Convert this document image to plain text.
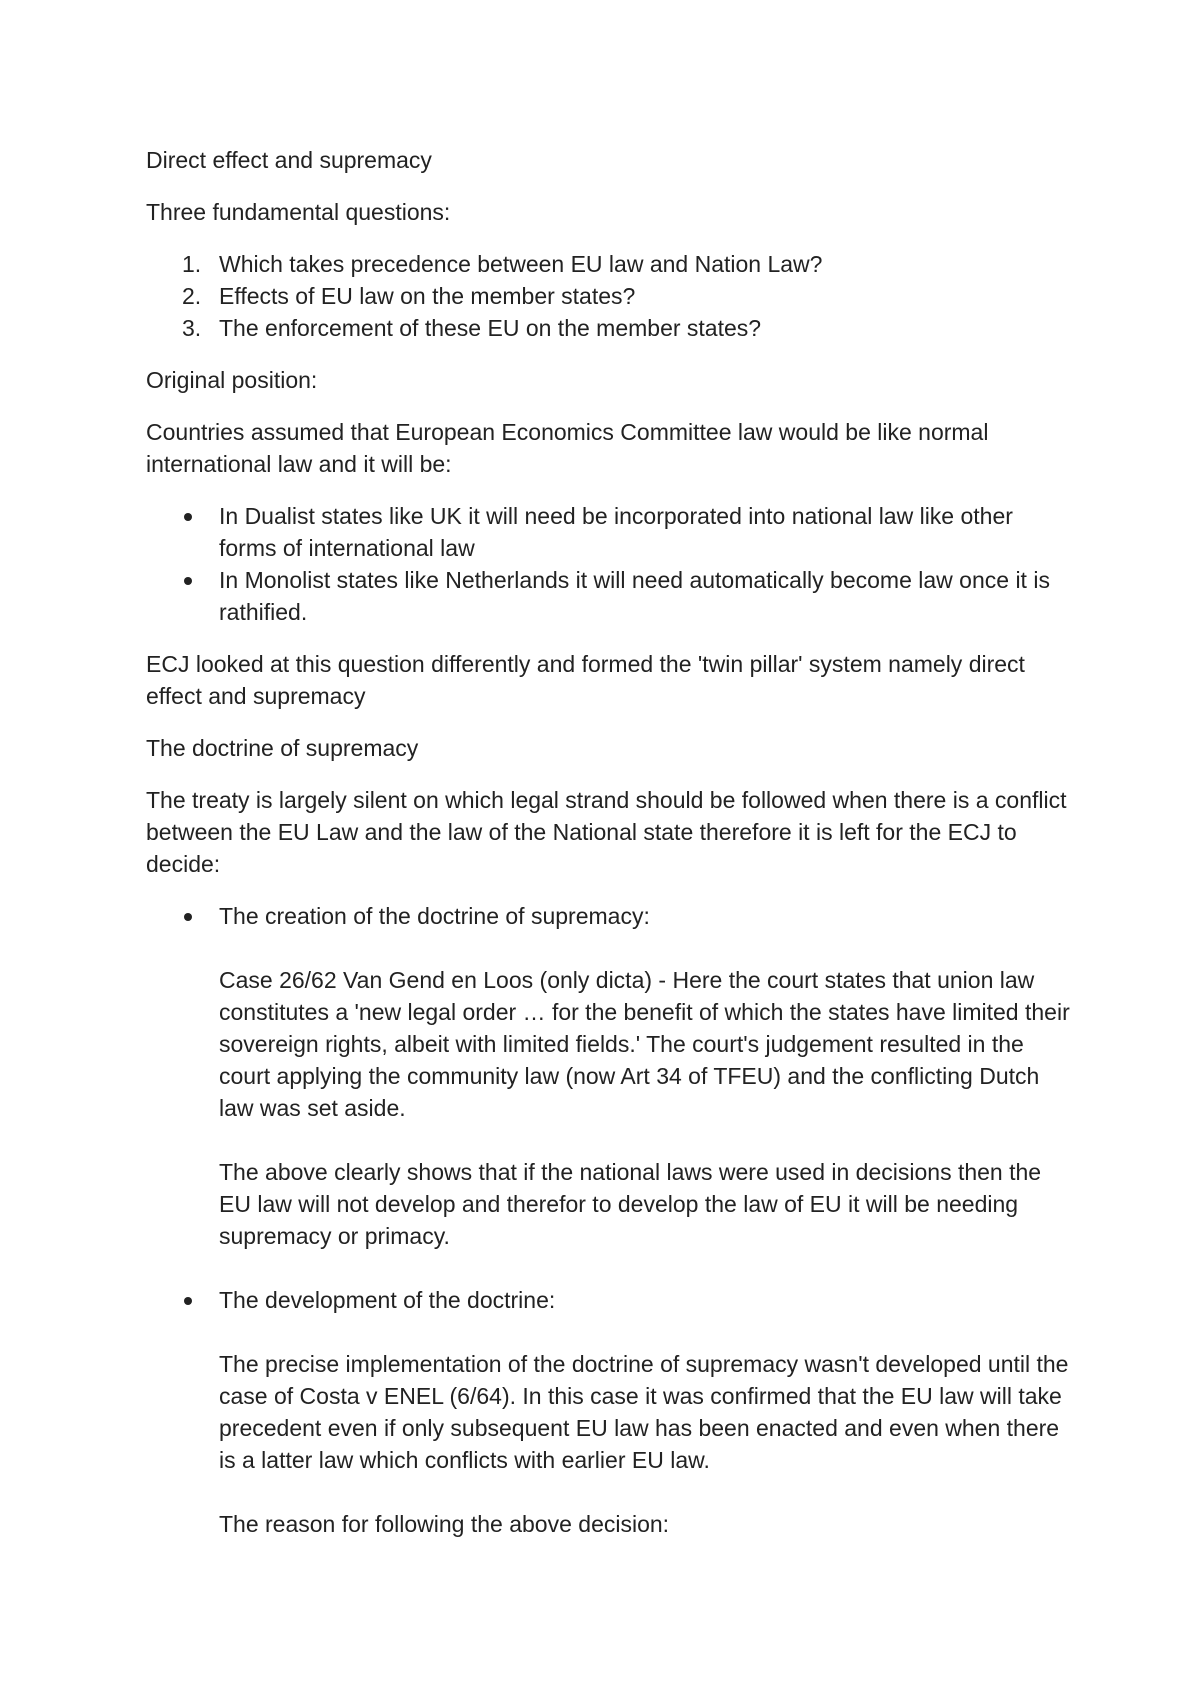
Direct effect and supremacy

Three fundamental questions:

1. Which takes precedence between EU law and Nation Law?
2. Effects of EU law on the member states?
3. The enforcement of these EU on the member states?

Original position:

Countries assumed that European Economics Committee law would be like normal international law and it will be:

In Dualist states like UK it will need be incorporated into national law like other forms of international law
In Monolist states like Netherlands it will need automatically become law once it is rathified.

ECJ looked at this question differently and formed the 'twin pillar' system namely direct effect and supremacy

The doctrine of supremacy

The treaty is largely silent on which legal strand should be followed when there is a conflict between the EU Law and the law of the National state therefore it is left for the ECJ to decide:

The creation of the doctrine of supremacy:
Case 26/62 Van Gend en Loos (only dicta) - Here the court states that union law constitutes a 'new legal order … for the benefit of which the states have limited their sovereign rights, albeit with limited fields.' The court's judgement resulted in the court applying the community law (now Art 34 of TFEU) and the conflicting Dutch law was set aside.
The above clearly shows that if the national laws were used in decisions then the EU law will not develop and therefor to develop the law of EU it will be needing supremacy or primacy.
The development of the doctrine:
The precise implementation of the doctrine of supremacy wasn't developed until the case of Costa v ENEL (6/64). In this case it was confirmed that the EU law will take precedent even if only subsequent EU law has been enacted and even when there is a latter law which conflicts with earlier EU law.
The reason for following the above decision:
